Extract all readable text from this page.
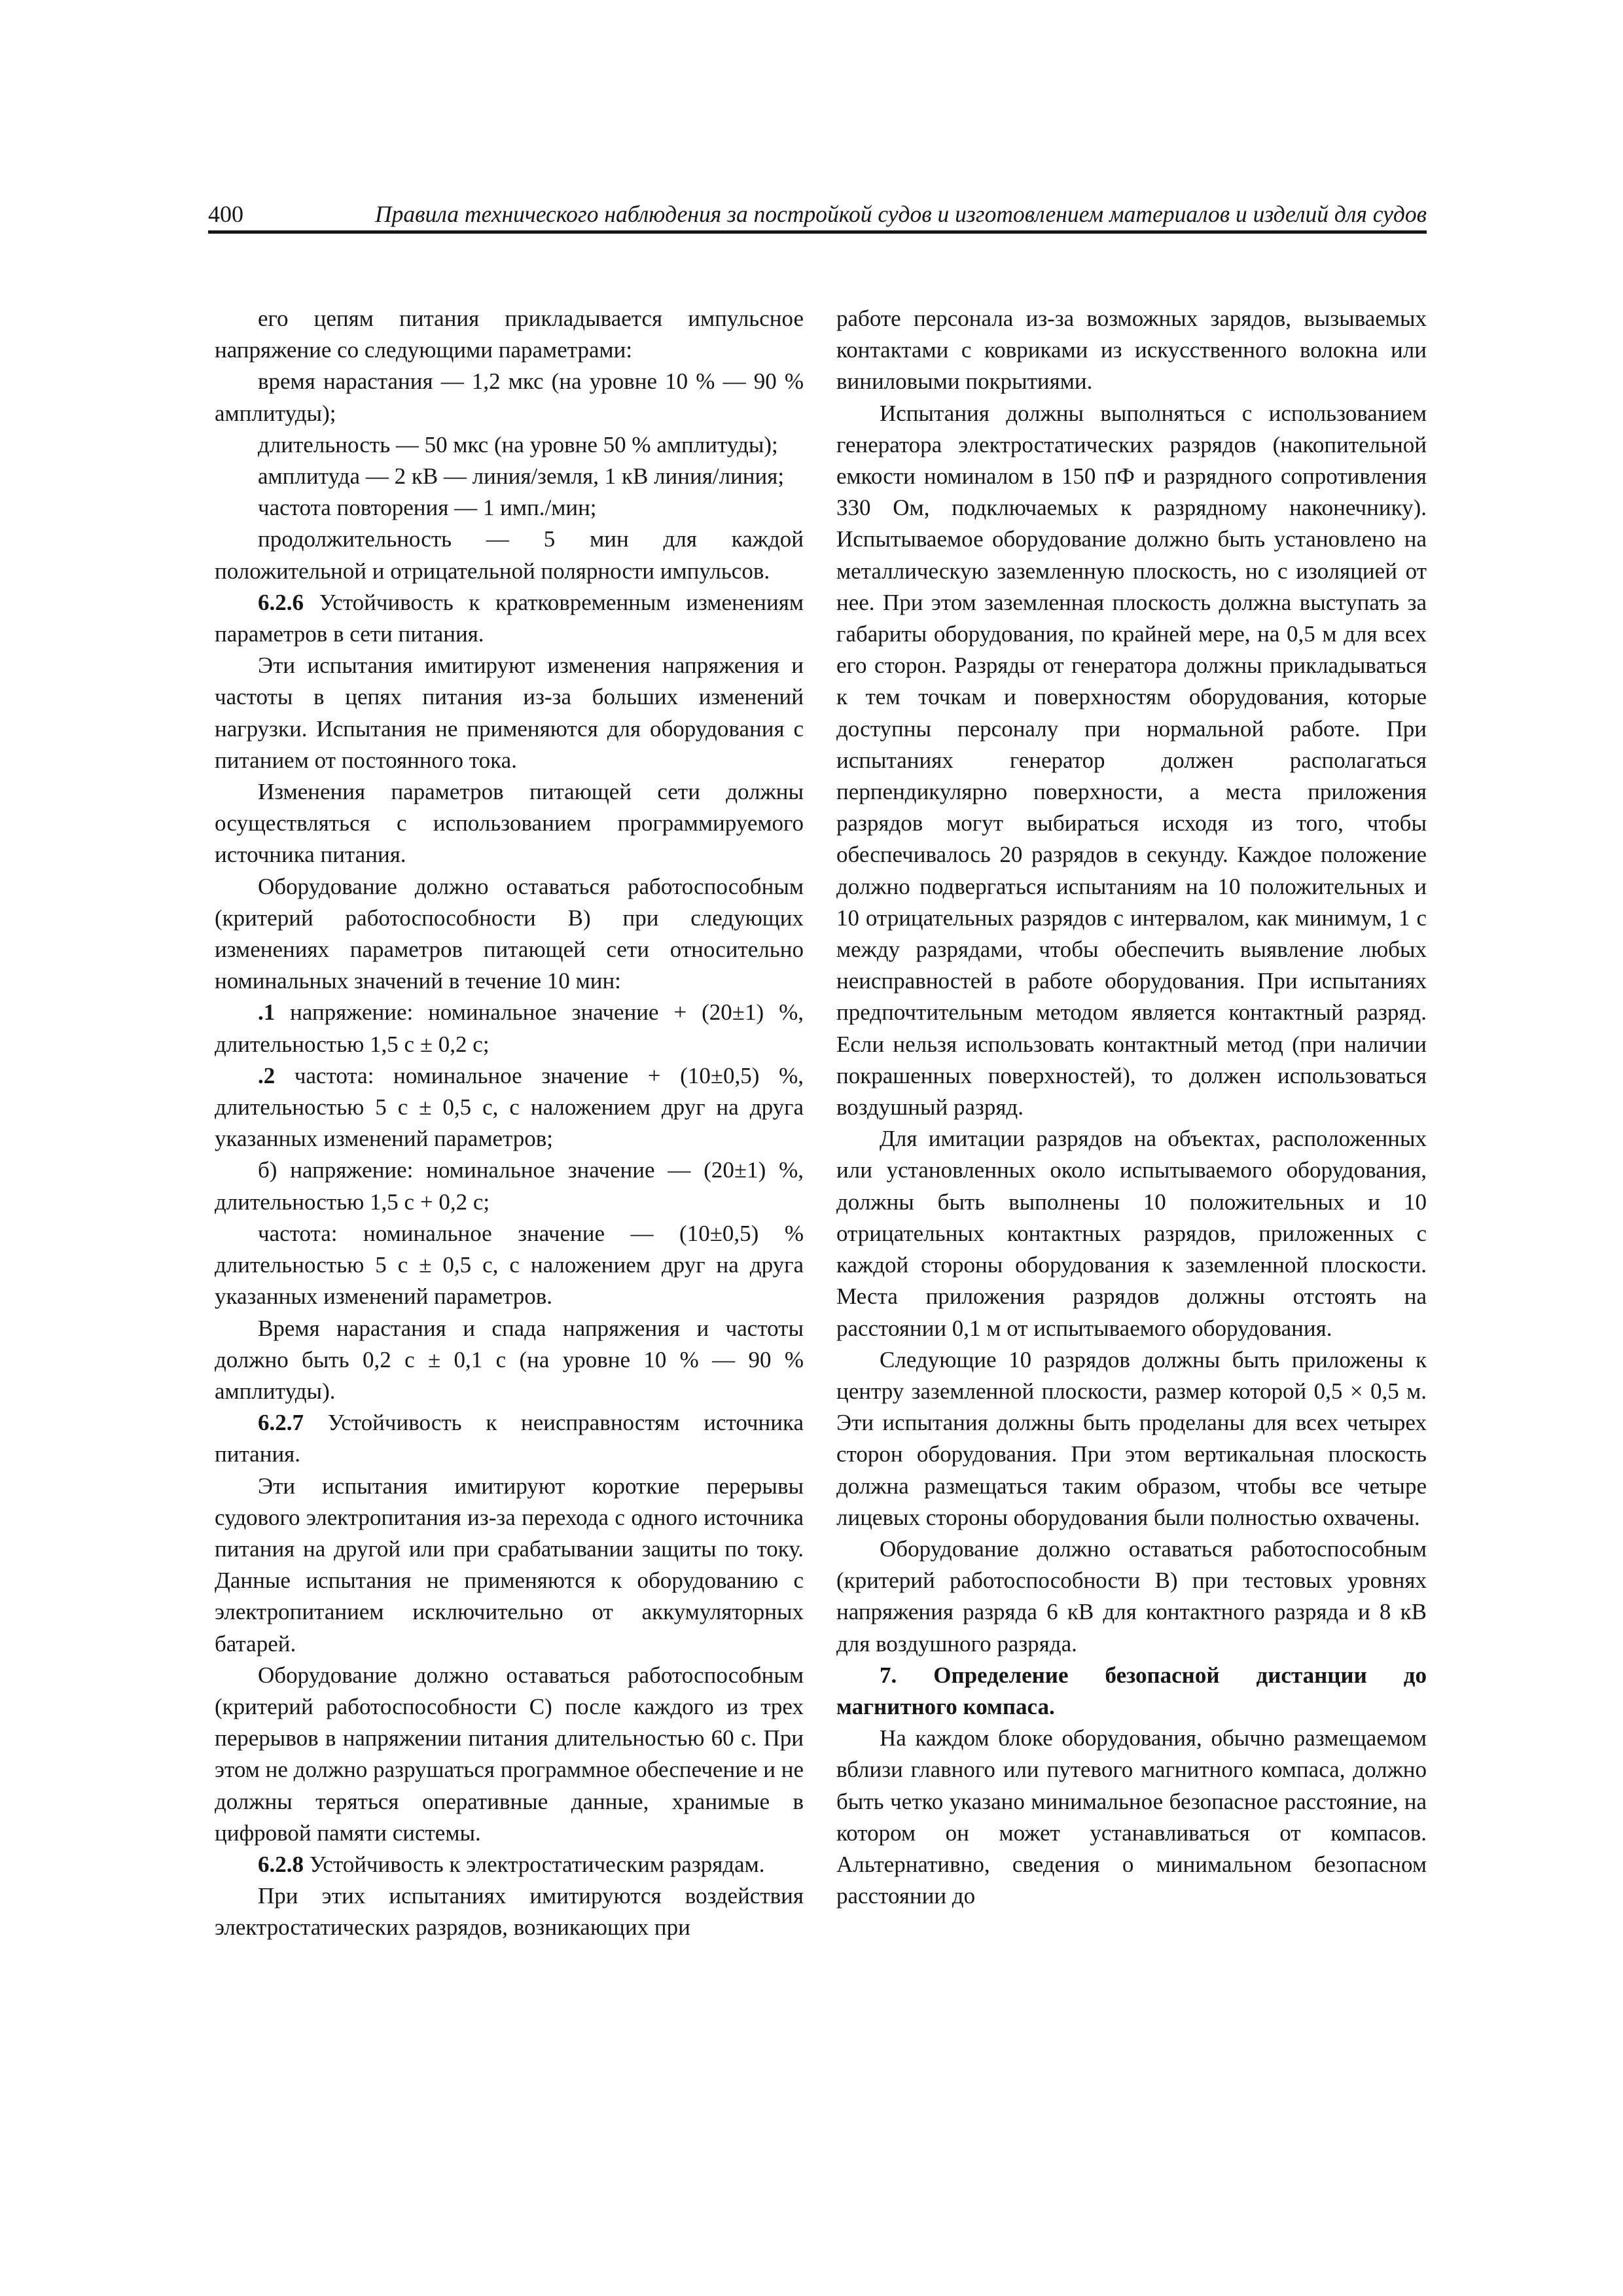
400	Правила технического наблюдения за постройкой судов и изготовлением материалов и изделий для судов

его цепям питания прикладывается импульсное напряжение со следующими параметрами:

время нарастания — 1,2 мкс (на уровне 10 % — 90 % амплитуды);

длительность — 50 мкс (на уровне 50 % амплитуды);

амплитуда — 2 кВ — линия/земля, 1 кВ линия/линия;

частота повторения — 1 имп./мин;

продолжительность — 5 мин для каждой положительной и отрицательной полярности импульсов.

6.2.6 Устойчивость к кратковременным изменениям параметров в сети питания.

Эти испытания имитируют изменения напряжения и частоты в цепях питания из-за больших изменений нагрузки. Испытания не применяются для оборудования с питанием от постоянного тока.

Изменения параметров питающей сети должны осуществляться с использованием программируемого источника питания.

Оборудование должно оставаться работоспособным (критерий работоспособности B) при следующих изменениях параметров питающей сети относительно номинальных значений в течение 10 мин:

.1 напряжение: номинальное значение + (20±1) %, длительностью 1,5 с ± 0,2 с;

.2 частота: номинальное значение + (10±0,5) %, длительностью 5 с ± 0,5 с, с наложением друг на друга указанных изменений параметров;

б) напряжение: номинальное значение — (20±1) %, длительностью 1,5 с + 0,2 с;

частота: номинальное значение — (10±0,5) % длительностью 5 с ± 0,5 с, с наложением друг на друга указанных изменений параметров.

Время нарастания и спада напряжения и частоты должно быть 0,2 с ± 0,1 с (на уровне 10 % — 90 % амплитуды).

6.2.7 Устойчивость к неисправностям источника питания.

Эти испытания имитируют короткие перерывы судового электропитания из-за перехода с одного источника питания на другой или при срабатывании защиты по току. Данные испытания не применяются к оборудованию с электропитанием исключительно от аккумуляторных батарей.

Оборудование должно оставаться работоспособным (критерий работоспособности C) после каждого из трех перерывов в напряжении питания длительностью 60 с. При этом не должно разрушаться программное обеспечение и не должны теряться оперативные данные, хранимые в цифровой памяти системы.

6.2.8 Устойчивость к электростатическим разрядам.

При этих испытаниях имитируются воздействия электростатических разрядов, возникающих при

работе персонала из-за возможных зарядов, вызываемых контактами с ковриками из искусственного волокна или виниловыми покрытиями.

Испытания должны выполняться с использованием генератора электростатических разрядов (накопительной емкости номиналом в 150 пФ и разрядного сопротивления 330 Ом, подключаемых к разрядному наконечнику). Испытываемое оборудование должно быть установлено на металлическую заземленную плоскость, но с изоляцией от нее. При этом заземленная плоскость должна выступать за габариты оборудования, по крайней мере, на 0,5 м для всех его сторон. Разряды от генератора должны прикладываться к тем точкам и поверхностям оборудования, которые доступны персоналу при нормальной работе. При испытаниях генератор должен располагаться перпендикулярно поверхности, а места приложения разрядов могут выбираться исходя из того, чтобы обеспечивалось 20 разрядов в секунду. Каждое положение должно подвергаться испытаниям на 10 положительных и 10 отрицательных разрядов с интервалом, как минимум, 1 с между разрядами, чтобы обеспечить выявление любых неисправностей в работе оборудования. При испытаниях предпочтительным методом является контактный разряд. Если нельзя использовать контактный метод (при наличии покрашенных поверхностей), то должен использоваться воздушный разряд.

Для имитации разрядов на объектах, расположенных или установленных около испытываемого оборудования, должны быть выполнены 10 положительных и 10 отрицательных контактных разрядов, приложенных с каждой стороны оборудования к заземленной плоскости. Места приложения разрядов должны отстоять на расстоянии 0,1 м от испытываемого оборудования.

Следующие 10 разрядов должны быть приложены к центру заземленной плоскости, размер которой 0,5 × 0,5 м. Эти испытания должны быть проделаны для всех четырех сторон оборудования. При этом вертикальная плоскость должна размещаться таким образом, чтобы все четыре лицевых стороны оборудования были полностью охвачены.

Оборудование должно оставаться работоспособным (критерий работоспособности B) при тестовых уровнях напряжения разряда 6 кВ для контактного разряда и 8 кВ для воздушного разряда.

7. Определение безопасной дистанции до магнитного компаса.

На каждом блоке оборудования, обычно размещаемом вблизи главного или путевого магнитного компаса, должно быть четко указано минимальное безопасное расстояние, на котором он может устанавливаться от компасов. Альтернативно, сведения о минимальном безопасном расстоянии до
